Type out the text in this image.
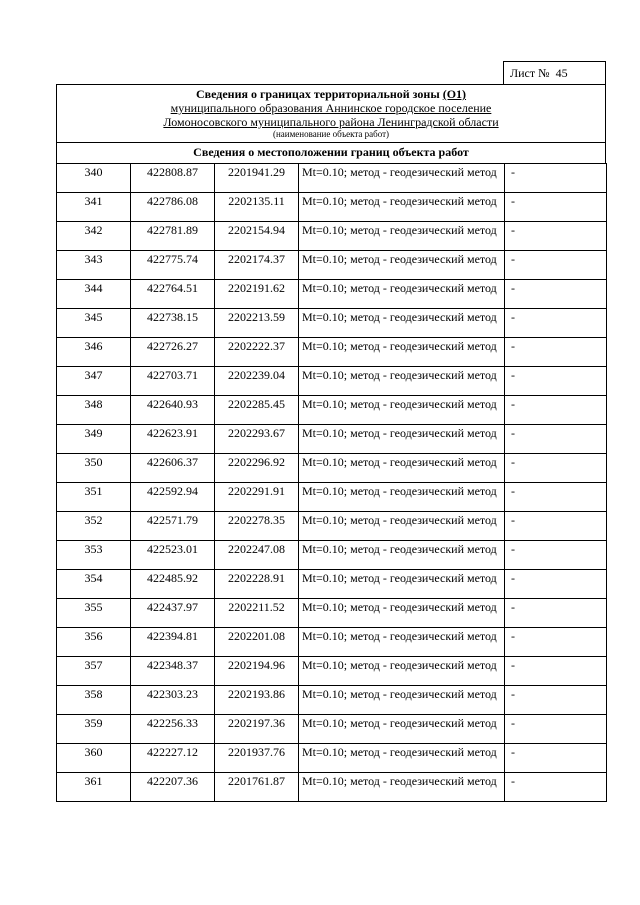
Лист № 45
Сведения о границах территориальной зоны (О1)
муниципального образования Аннинское городское поселение
Ломоносовского муниципального района Ленинградской области
(наименование объекта работ)
Сведения о местоположении границ объекта работ
340	422808.87	2201941.29	Mt=0.10; метод - геодезический метод	-
341	422786.08	2202135.11	Mt=0.10; метод - геодезический метод	-
342	422781.89	2202154.94	Mt=0.10; метод - геодезический метод	-
343	422775.74	2202174.37	Mt=0.10; метод - геодезический метод	-
344	422764.51	2202191.62	Mt=0.10; метод - геодезический метод	-
345	422738.15	2202213.59	Mt=0.10; метод - геодезический метод	-
346	422726.27	2202222.37	Mt=0.10; метод - геодезический метод	-
347	422703.71	2202239.04	Mt=0.10; метод - геодезический метод	-
348	422640.93	2202285.45	Mt=0.10; метод - геодезический метод	-
349	422623.91	2202293.67	Mt=0.10; метод - геодезический метод	-
350	422606.37	2202296.92	Mt=0.10; метод - геодезический метод	-
351	422592.94	2202291.91	Mt=0.10; метод - геодезический метод	-
352	422571.79	2202278.35	Mt=0.10; метод - геодезический метод	-
353	422523.01	2202247.08	Mt=0.10; метод - геодезический метод	-
354	422485.92	2202228.91	Mt=0.10; метод - геодезический метод	-
355	422437.97	2202211.52	Mt=0.10; метод - геодезический метод	-
356	422394.81	2202201.08	Mt=0.10; метод - геодезический метод	-
357	422348.37	2202194.96	Mt=0.10; метод - геодезический метод	-
358	422303.23	2202193.86	Mt=0.10; метод - геодезический метод	-
359	422256.33	2202197.36	Mt=0.10; метод - геодезический метод	-
360	422227.12	2201937.76	Mt=0.10; метод - геодезический метод	-
361	422207.36	2201761.87	Mt=0.10; метод - геодезический метод	-
